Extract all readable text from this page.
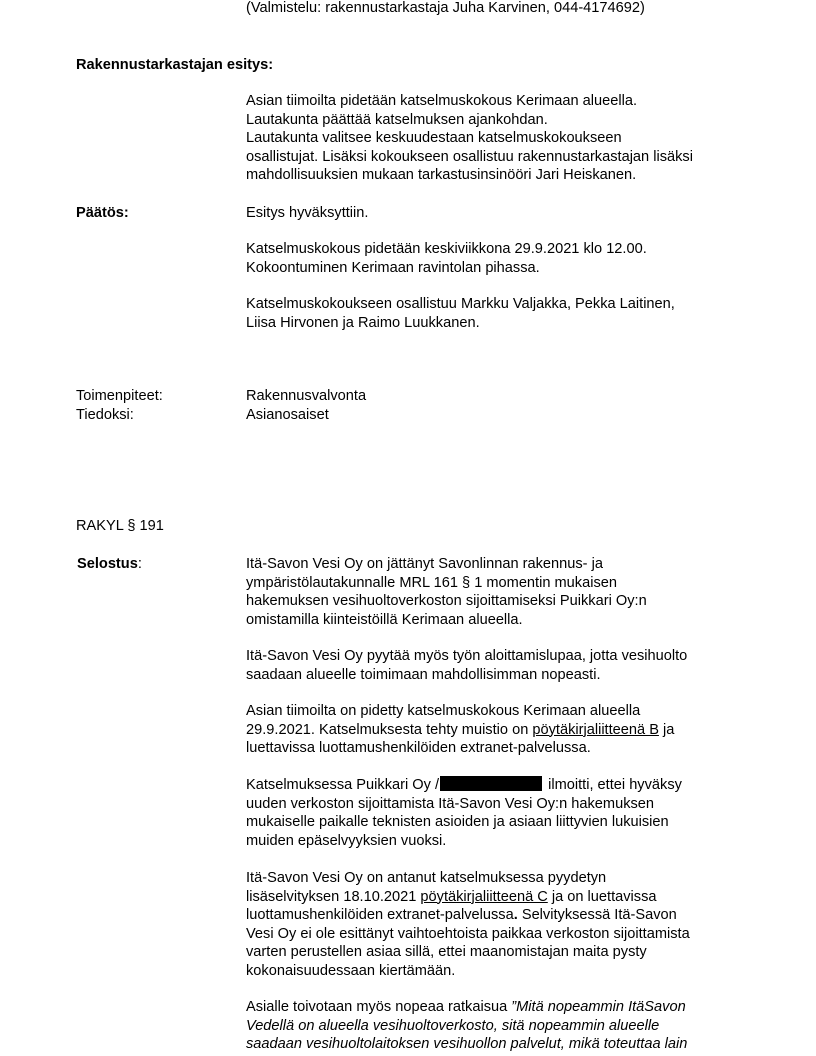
(Valmistelu: rakennustarkastaja Juha Karvinen, 044-4174692)

Rakennustarkastajan esitys:

Asian tiimoilta pidetään katselmuskokous Kerimaan alueella.
Lautakunta päättää katselmuksen ajankohdan.
Lautakunta valitsee keskuudestaan katselmuskokoukseen
osallistujat. Lisäksi kokoukseen osallistuu rakennustarkastajan lisäksi
mahdollisuuksien mukaan tarkastusinsinööri Jari Heiskanen.

Päätös:	Esitys hyväksyttiin.

Katselmuskokous pidetään keskiviikkona 29.9.2021 klo 12.00.
Kokoontuminen Kerimaan ravintolan pihassa.

Katselmuskokoukseen osallistuu Markku Valjakka, Pekka Laitinen,
Liisa Hirvonen ja Raimo Luukkanen.

Toimenpiteet:	Rakennusvalvonta

Tiedoksi:	Asianosaiset

RAKYL § 191

Selostus:	Itä-Savon Vesi Oy on jättänyt Savonlinnan rakennus- ja
ympäristölautakunnalle MRL 161 § 1 momentin mukaisen
hakemuksen vesihuoltoverkoston sijoittamiseksi Puikkari Oy:n
omistamilla kiinteistöillä Kerimaan alueella.

Itä-Savon Vesi Oy pyytää myös työn aloittamislupaa, jotta vesihuolto
saadaan alueelle toimimaan mahdollisimman nopeasti.

Asian tiimoilta on pidetty katselmuskokous Kerimaan alueella
29.9.2021. Katselmuksesta tehty muistio on pöytäkirjaliitteenä B ja
luettavissa luottamushenkilöiden extranet-palvelussa.

Katselmuksessa Puikkari Oy /	ilmoitti, ettei hyväksy
uuden verkoston sijoittamista Itä-Savon Vesi Oy:n hakemuksen
mukaiselle paikalle teknisten asioiden ja asiaan liittyvien lukuisien
muiden epäselvyyksien vuoksi.

Itä-Savon Vesi Oy on antanut katselmuksessa pyydetyn
lisäselvityksen 18.10.2021 pöytäkirjaliitteenä C ja on luettavissa
luottamushenkilöiden extranet-palvelussa. Selvityksessä Itä-Savon
Vesi Oy ei ole esittänyt vaihtoehtoista paikkaa verkoston sijoittamista
varten perustellen asiaa sillä, ettei maanomistajan maita pysty
kokonaisuudessaan kiertämään.

Asialle toivotaan myös nopeaa ratkaisua ”Mitä nopeammin ItäSavon
Vedellä on alueella vesihuoltoverkosto, sitä nopeammin alueelle
saadaan vesihuoltolaitoksen vesihuollon palvelut, mikä toteuttaa lain
